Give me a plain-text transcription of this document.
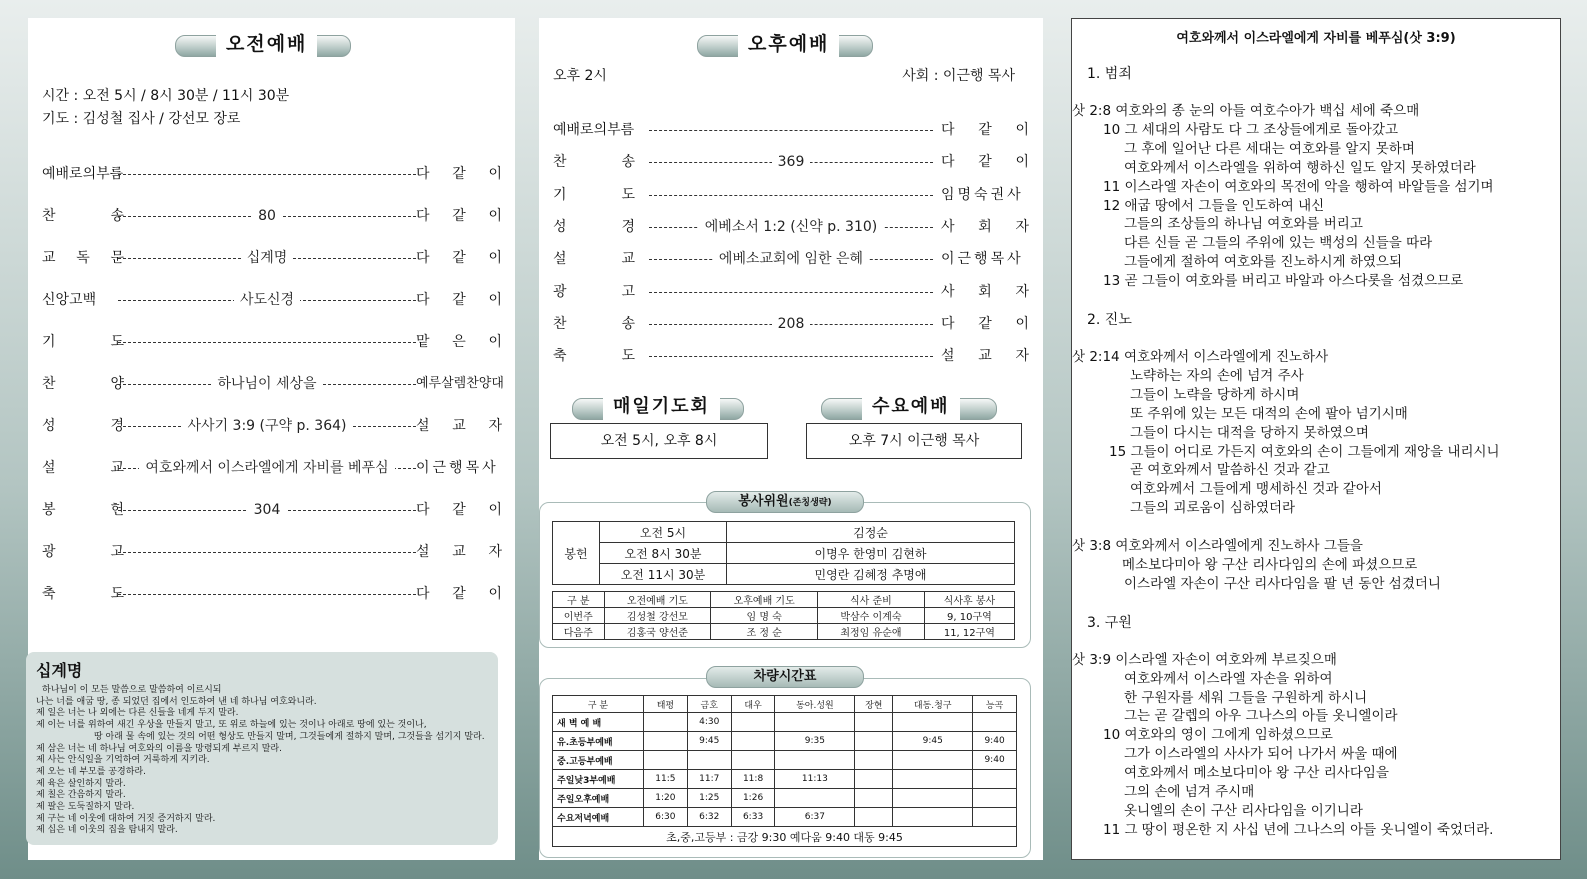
오전예배
시간 : 오전 5시 / 8시 30분 / 11시 30분
기도 : 김성철 집사 / 강선모 장로
예배로의부름	다 같 이
찬	송	80	다 같 이
교 독 문	십계명	다 같 이
신앙고백	사도신경	다 같 이
기	도	맡 은 이
찬	양	하나님이 세상을	예루살렘찬양대
성	경	사사기 3:9 (구약 p. 364)	설 교 자
설	교	여호와께서 이스라엘에게 자비를 베푸심	이근행목사
봉	헌	304	다 같 이
광	고	설 교 자
축	도	다 같 이
십계명
하나님이 이 모든 말씀으로 말씀하여 이르시되
나는 너를 애굽 땅, 종 되었던 집에서 인도하여 낸 네 하나님 여호와니라.
제 일은 너는 나 외에는 다른 신들을 네게 두지 말라.
제 이는 너를 위하여 새긴 우상을 만들지 말고, 또 위로 하늘에 있는 것이나 아래로 땅에 있는 것이나,
땅 아래 물 속에 있는 것의 어떤 형상도 만들지 말며, 그것들에게 절하지 말며, 그것들을 섬기지 말라.
제 삼은 너는 네 하나님 여호와의 이름을 망령되게 부르지 말라.
제 사는 안식일을 기억하여 거룩하게 지키라.
제 오는 네 부모를 공경하라.
제 육은 살인하지 말라.
제 칠은 간음하지 말라.
제 팔은 도둑질하지 말라.
제 구는 네 이웃에 대하여 거짓 증거하지 말라.
제 십은 네 이웃의 집을 탐내지 말라.
오후예배
오후 2시	사회 : 이근행 목사
예배로의부름	다 같 이
찬	송	369	다 같 이
기	도	임명숙권사
성	경	에베소서 1:2 (신약 p. 310)	사 회 자
설	교	에베소교회에 임한 은혜	이근행목사
광	고	사 회 자
찬	송	208	다 같 이
축	도	설 교 자
매일기도회
오전 5시, 오후 8시
수요예배
오후 7시 이근행 목사
봉사위원(존칭생략)
봉헌	오전 5시	김정순
	오전 8시 30분	이명우 한영미 김현하
	오전 11시 30분	민영란 김혜정 추명애
구 분	오전예배 기도	오후예배 기도	식사 준비	식사후 봉사
이번주	김성철 강선모	임 명 숙	박삼수 이계숙	9, 10구역
다음주	김홍국 양선준	조 정 순	최정임 유순애	11, 12구역
차량시간표
구 분	태평	금호	대우	동아.성원	장현	대동.청구	능곡
새 벽 예 배		4:30					
유.초등부예배		9:45		9:35		9:45	9:40
중.고등부예배							9:40
주일낮3부예배	11:5	11:7	11:8	11:13			
주일오후예배	1:20	1:25	1:26				
수요저녁예배	6:30	6:32	6:33	6:37			
초,중,고등부 : 금강 9:30 예다움 9:40 대동 9:45							
여호와께서 이스라엘에게 자비를 베푸심(삿 3:9)
1. 범죄
삿 2:8 여호와의 종 눈의 아들 여호수아가 백십 세에 죽으매
10 그 세대의 사람도 다 그 조상들에게로 돌아갔고
그 후에 일어난 다른 세대는 여호와를 알지 못하며
여호와께서 이스라엘을 위하여 행하신 일도 알지 못하였더라
11 이스라엘 자손이 여호와의 목전에 악을 행하여 바알들을 섬기며
12 애굽 땅에서 그들을 인도하여 내신
그들의 조상들의 하나님 여호와를 버리고
다른 신들 곧 그들의 주위에 있는 백성의 신들을 따라
그들에게 절하여 여호와를 진노하시게 하였으되
13 곧 그들이 여호와를 버리고 바알과 아스다롯을 섬겼으므로
2. 진노
삿 2:14 여호와께서 이스라엘에게 진노하사
노략하는 자의 손에 넘겨 주사
그들이 노략을 당하게 하시며
또 주위에 있는 모든 대적의 손에 팔아 넘기시매
그들이 다시는 대적을 당하지 못하였으며
15 그들이 어디로 가든지 여호와의 손이 그들에게 재앙을 내리시니
곧 여호와께서 말씀하신 것과 같고
여호와께서 그들에게 맹세하신 것과 같아서
그들의 괴로움이 심하였더라
삿 3:8 여호와께서 이스라엘에게 진노하사 그들을
메소보다미아 왕 구산 리사다임의 손에 파셨으므로
이스라엘 자손이 구산 리사다임을 팔 년 동안 섬겼더니
3. 구원
삿 3:9 이스라엘 자손이 여호와께 부르짖으매
여호와께서 이스라엘 자손을 위하여
한 구원자를 세워 그들을 구원하게 하시니
그는 곧 갈렙의 아우 그나스의 아들 옷니엘이라
10 여호와의 영이 그에게 임하셨으므로
그가 이스라엘의 사사가 되어 나가서 싸울 때에
여호와께서 메소보다미아 왕 구산 리사다임을
그의 손에 넘겨 주시매
옷니엘의 손이 구산 리사다임을 이기니라
11 그 땅이 평온한 지 사십 년에 그나스의 아들 옷니엘이 죽었더라.
